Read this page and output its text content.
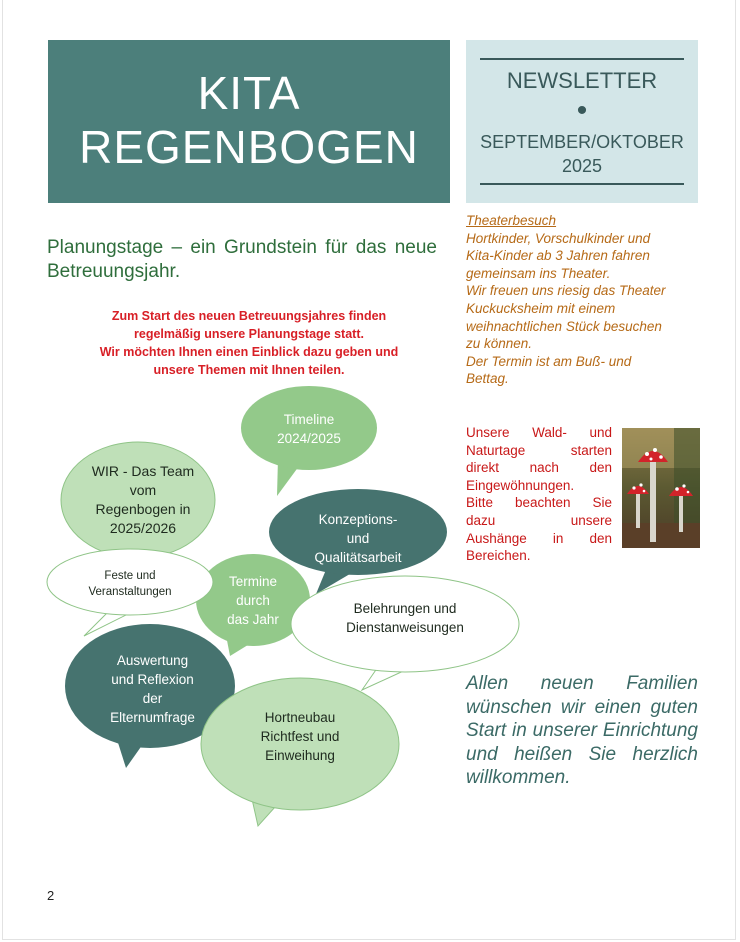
KITA
REGENBOGEN
NEWSLETTER
•
SEPTEMBER/OKTOBER
2025
Planungstage – ein Grundstein für das neue Betreuungsjahr.
Zum Start des neuen Betreuungsjahres finden
regelmäßig unsere Planungstage statt.
Wir möchten Ihnen einen Einblick dazu geben und
unsere Themen mit Ihnen teilen.
Timeline
2024/2025
WIR - Das Team
vom
Regenbogen in
2025/2026
Konzeptions-
und
Qualitätsarbeit
Feste und
Veranstaltungen
Termine
durch
das Jahr
Belehrungen und
Dienstanweisungen
Auswertung
und Reflexion
der
Elternumfrage	Hortneubau
Richtfest und
Einweihung
Theaterbesuch
Hortkinder, Vorschulkinder und
Kita-Kinder ab 3 Jahren fahren
gemeinsam ins Theater.
Wir freuen uns riesig das Theater
Kuckucksheim mit einem
weihnachtlichen Stück besuchen
zu können.
Der Termin ist am Buß- und
Bettag.
Unsere Wald- und
Naturtage starten
direkt nach den
Eingewöhnungen.
Bitte beachten Sie
dazu unsere
Aushänge in den
Bereichen.
Allen neuen Familien wünschen wir einen guten Start in unserer Einrichtung und heißen Sie herzlich willkommen.
2
